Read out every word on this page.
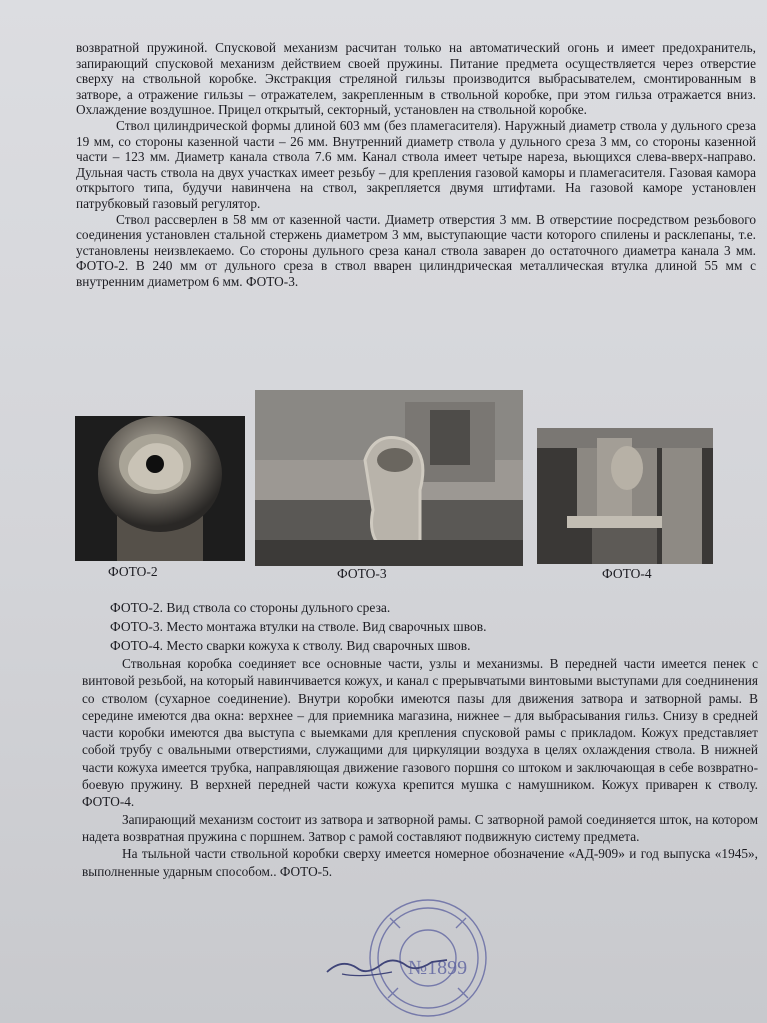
возвратной пружиной. Спусковой механизм расчитан только на автоматический огонь и имеет предохранитель, запирающий спусковой механизм действием своей пружины. Питание предмета осуществляется через отверстие сверху на ствольной коробке. Экстракция стреляной гильзы производится выбрасывателем, смонтированным в затворе, а отражение гильзы – отражателем, закрепленным в ствольной коробке, при этом гильза отражается вниз. Охлаждение воздушное. Прицел открытый, секторный, установлен на ствольной коробке.

Ствол цилиндрической формы длиной 603 мм (без пламегасителя). Наружный диаметр ствола у дульного среза 19 мм, со стороны казенной части – 26 мм. Внутренний диаметр ствола у дульного среза 3 мм, со стороны казенной части – 123 мм. Диаметр канала ствола 7.6 мм. Канал ствола имеет четыре нареза, вьющихся слева-вверх-направо. Дульная часть ствола на двух участках имеет резьбу – для крепления газовой каморы и пламегасителя. Газовая камора открытого типа, будучи навинчена на ствол, закрепляется двумя штифтами. На газовой каморе установлен патрубковый газовый регулятор.

Ствол рассверлен в 58 мм от казенной части. Диаметр отверстия 3 мм. В отверстиие посредством резьбового соединения установлен стальной стержень диаметром 3 мм, выступающие части которого спилены и расклепаны, т.е. установлены неизвлекаемо. Со стороны дульного среза канал ствола заварен до остаточного диаметра канала 3 мм. ФОТО-2. В 240 мм от дульного среза в ствол вварен цилиндрическая металлическая втулка длиной 55 мм с внутренним диаметром 6 мм. ФОТО-3.

ФОТО-2	ФОТО-3	ФОТО-4
ФОТО-2. Вид ствола со стороны дульного среза.
ФОТО-3. Место монтажа втулки на стволе. Вид сварочных швов.
ФОТО-4. Место сварки кожуха к стволу. Вид сварочных швов.

Ствольная коробка соединяет все основные части, узлы и механизмы. В передней части имеется пенек с винтовой резьбой, на который навинчивается кожух, и канал с прерывчатыми винтовыми выступами для соеднинения со стволом (сухарное соединение). Внутри коробки имеются пазы для движения затвора и затворной рамы. В середине имеются два окна: верхнее – для приемника магазина, нижнее – для выбрасывания гильз. Снизу в средней части коробки имеются два выступа с выемками для крепления спусковой рамы с прикладом. Кожух представляет собой трубу с овальными отверстиями, служащими для циркуляции воздуха в целях охлаждения ствола. В нижней части кожуха имеется трубка, направляющая движение газового поршня со штоком и заключающая в себе возвратно-боевую пружину. В верхней передней части кожуха крепится мушка с намушником. Кожух приварен к стволу. ФОТО-4.

Запирающий механизм состоит из затвора и затворной рамы. С затворной рамой соединяется шток, на котором надета возвратная пружина с поршнем. Затвор с рамой составляют подвижную систему предмета.

На тыльной части ствольной коробки сверху имеется номерное обозначение «АД-909» и год выпуска «1945», выполненные ударным способом.. ФОТО-5.

№1899
